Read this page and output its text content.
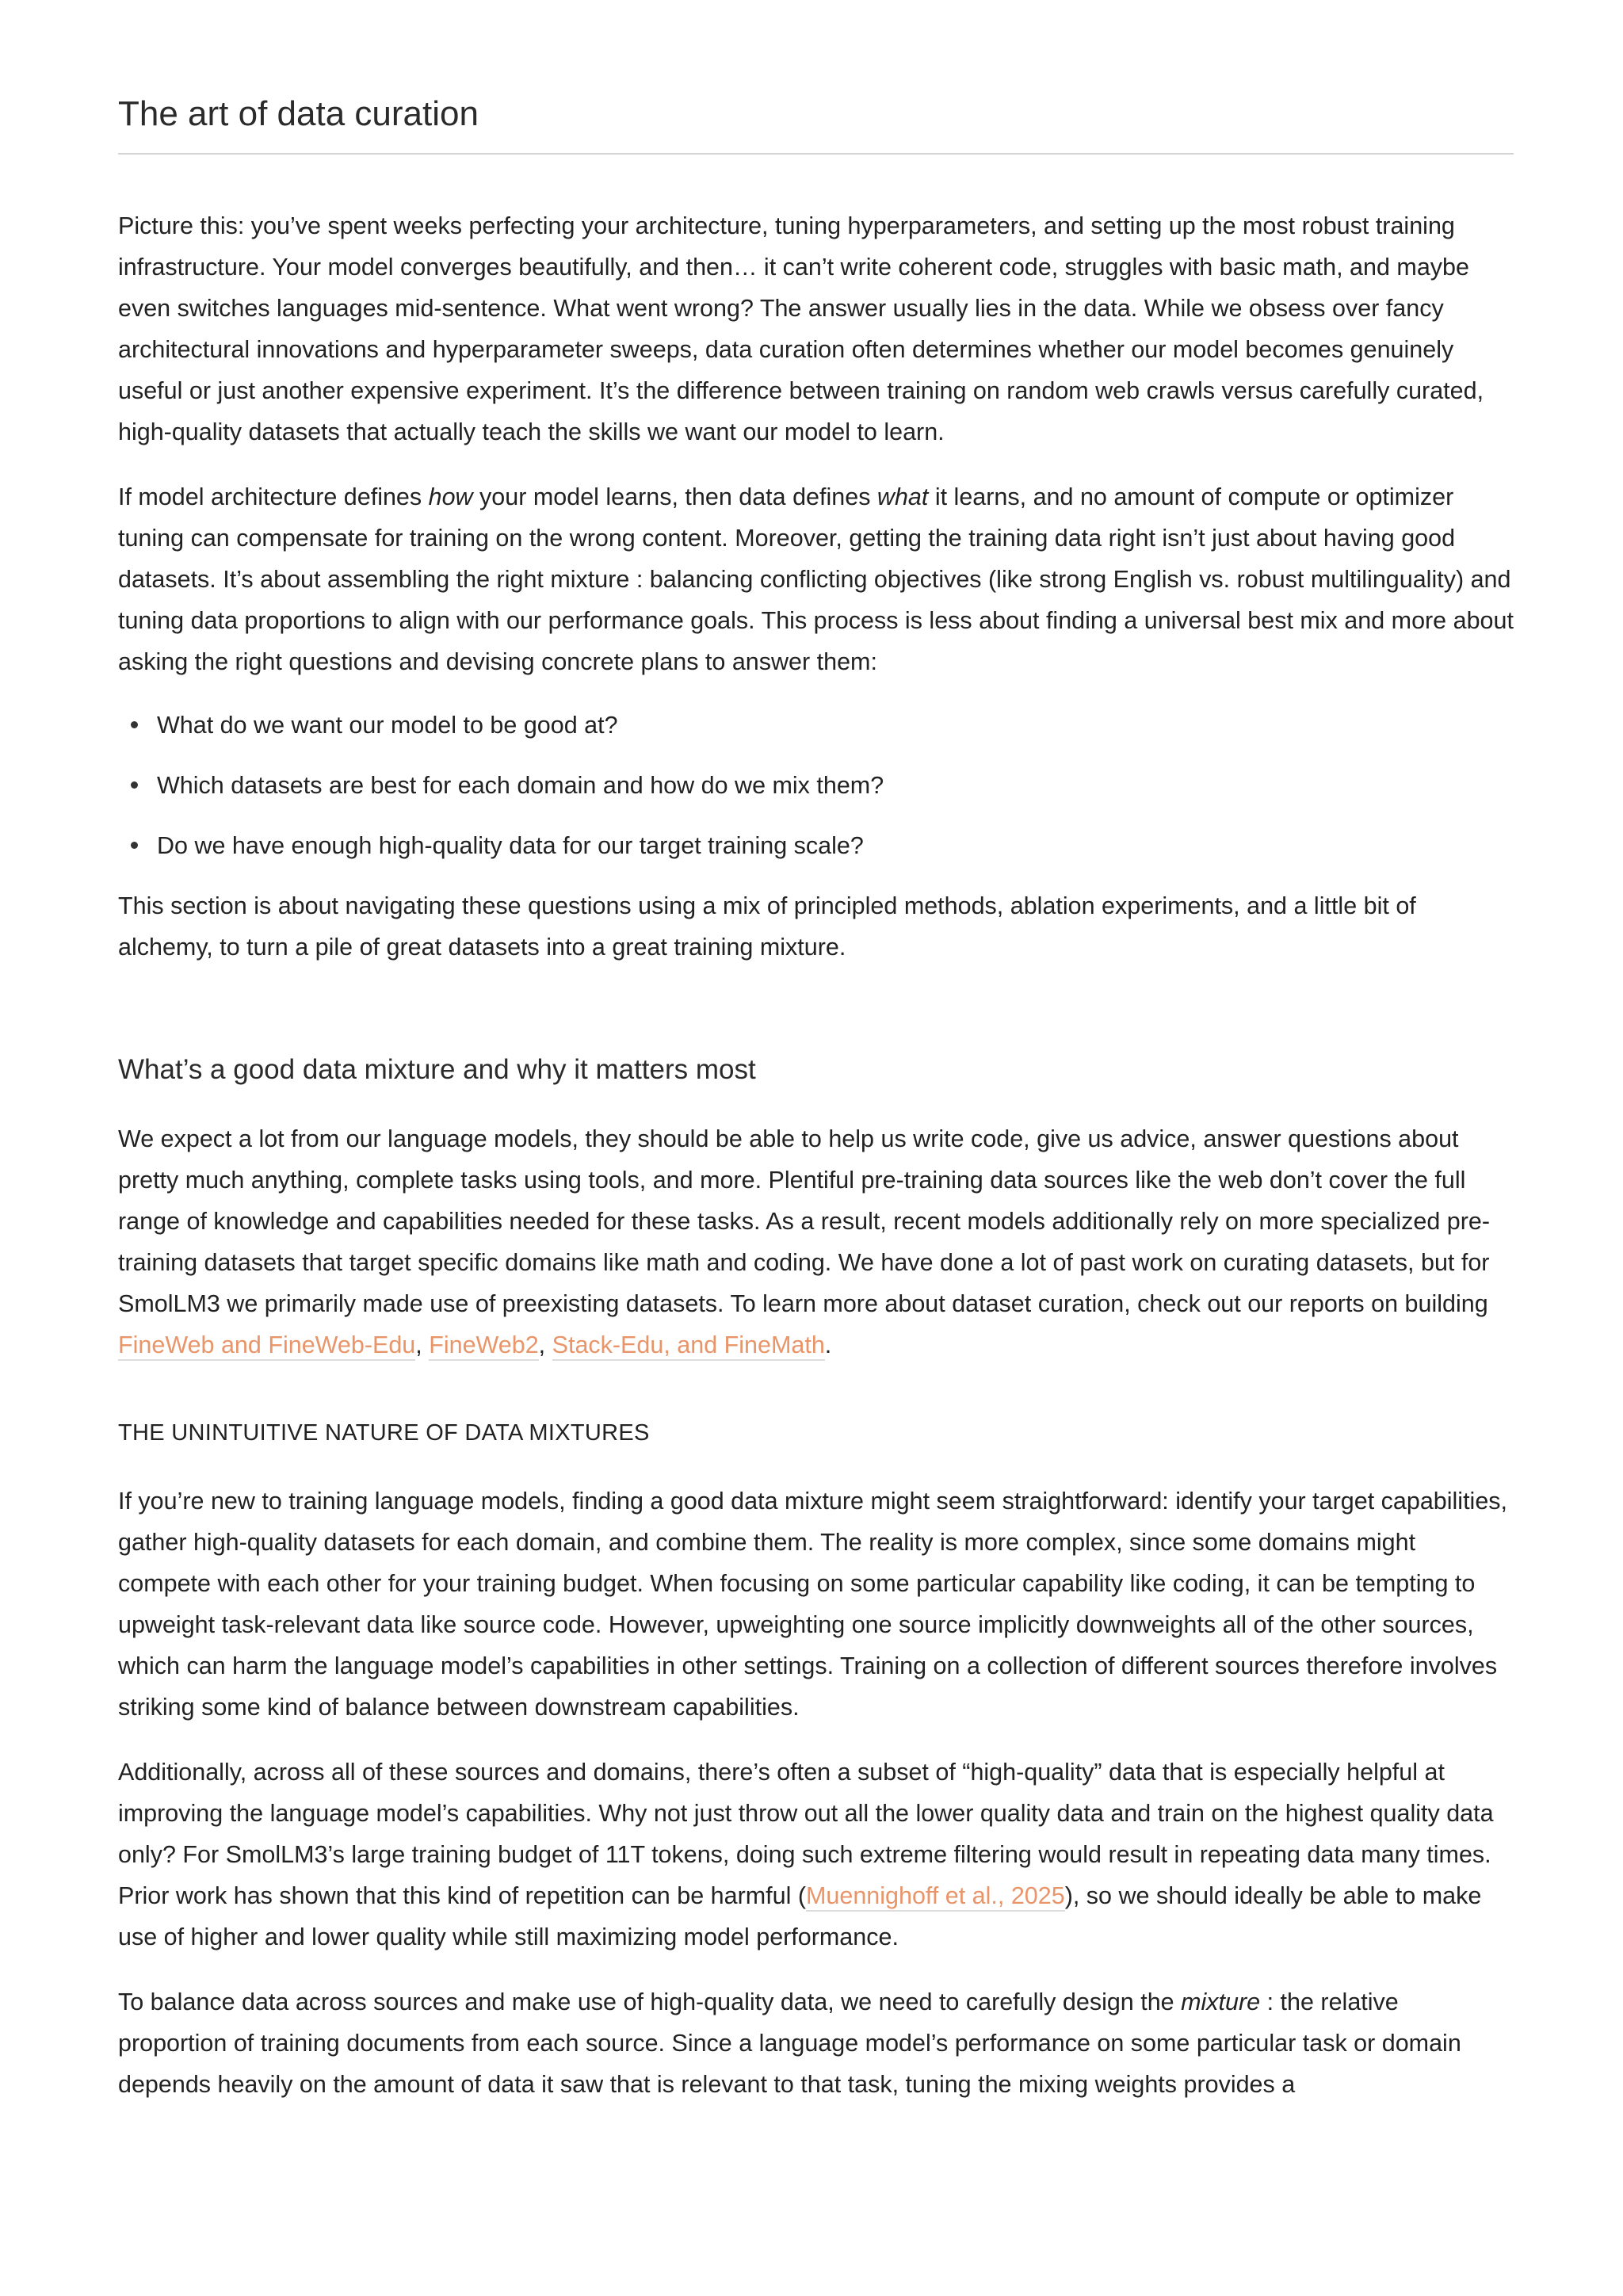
The art of data curation

Picture this: you’ve spent weeks perfecting your architecture, tuning hyperparameters, and setting up the most robust training infrastructure. Your model converges beautifully, and then… it can’t write coherent code, struggles with basic math, and maybe even switches languages mid-sentence. What went wrong? The answer usually lies in the data. While we obsess over fancy architectural innovations and hyperparameter sweeps, data curation often determines whether our model becomes genuinely useful or just another expensive experiment. It’s the difference between training on random web crawls versus carefully curated, high-quality datasets that actually teach the skills we want our model to learn.

If model architecture defines how your model learns, then data defines what it learns, and no amount of compute or optimizer tuning can compensate for training on the wrong content. Moreover, getting the training data right isn’t just about having good datasets. It’s about assembling the right mixture : balancing conflicting objectives (like strong English vs. robust multilinguality) and tuning data proportions to align with our performance goals. This process is less about finding a universal best mix and more about asking the right questions and devising concrete plans to answer them:

What do we want our model to be good at?
Which datasets are best for each domain and how do we mix them?
Do we have enough high-quality data for our target training scale?

This section is about navigating these questions using a mix of principled methods, ablation experiments, and a little bit of alchemy, to turn a pile of great datasets into a great training mixture.

What’s a good data mixture and why it matters most

We expect a lot from our language models, they should be able to help us write code, give us advice, answer questions about pretty much anything, complete tasks using tools, and more. Plentiful pre-training data sources like the web don’t cover the full range of knowledge and capabilities needed for these tasks. As a result, recent models additionally rely on more specialized pre-training datasets that target specific domains like math and coding. We have done a lot of past work on curating datasets, but for SmolLM3 we primarily made use of preexisting datasets. To learn more about dataset curation, check out our reports on building FineWeb and FineWeb-Edu, FineWeb2, Stack-Edu, and FineMath.

THE UNINTUITIVE NATURE OF DATA MIXTURES

If you’re new to training language models, finding a good data mixture might seem straightforward: identify your target capabilities, gather high-quality datasets for each domain, and combine them. The reality is more complex, since some domains might compete with each other for your training budget. When focusing on some particular capability like coding, it can be tempting to upweight task-relevant data like source code. However, upweighting one source implicitly downweights all of the other sources, which can harm the language model’s capabilities in other settings. Training on a collection of different sources therefore involves striking some kind of balance between downstream capabilities.

Additionally, across all of these sources and domains, there’s often a subset of “high-quality” data that is especially helpful at improving the language model’s capabilities. Why not just throw out all the lower quality data and train on the highest quality data only? For SmolLM3’s large training budget of 11T tokens, doing such extreme filtering would result in repeating data many times. Prior work has shown that this kind of repetition can be harmful (Muennighoff et al., 2025), so we should ideally be able to make use of higher and lower quality while still maximizing model performance.

To balance data across sources and make use of high-quality data, we need to carefully design the mixture : the relative proportion of training documents from each source. Since a language model’s performance on some particular task or domain depends heavily on the amount of data it saw that is relevant to that task, tuning the mixing weights provides a
